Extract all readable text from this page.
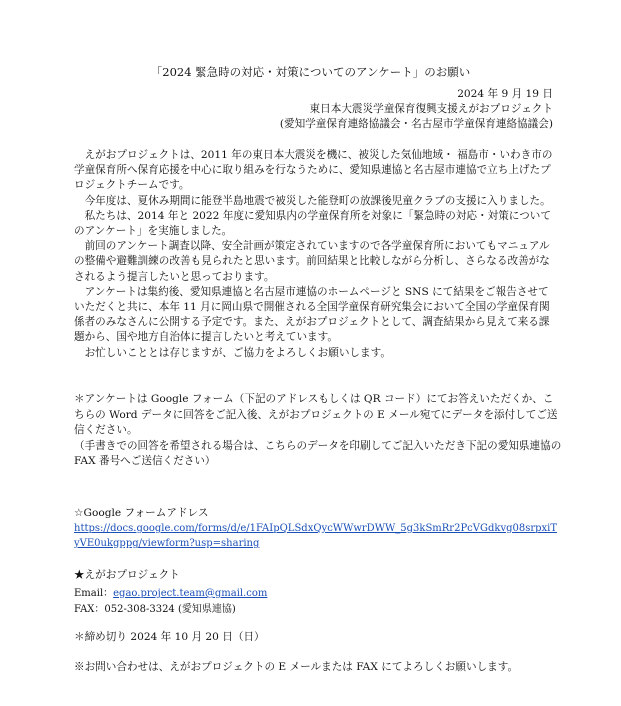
「2024 緊急時の対応・対策についてのアンケート」のお願い
2024 年 9 月 19 日
東日本大震災学童保育復興支援えがおプロジェクト
(愛知学童保育連絡協議会・名古屋市学童保育連絡協議会)

えがおプロジェクトは、2011 年の東日本大震災を機に、被災した気仙地域・ 福島市・いわき市の学童保育所へ保育応援を中心に取り組みを行なうために、愛知県連協と名古屋市連協で立ち上げたプロジェクトチームです。

今年度は、夏休み期間に能登半島地震で被災した能登町の放課後児童クラブの支援に入りました。

私たちは、2014 年と 2022 年度に愛知県内の学童保育所を対象に「緊急時の対応・対策についてのアンケート」を実施しました。

前回のアンケート調査以降、安全計画が策定されていますので各学童保育所においてもマニュアルの整備や避難訓練の改善も見られたと思います。前回結果と比較しながら分析し、さらなる改善がなされるよう提言したいと思っております。

アンケートは集約後、愛知県連協と名古屋市連協のホームページと SNS にて結果をご報告させていただくと共に、本年 11 月に岡山県で開催される全国学童保育研究集会において全国の学童保育関係者のみなさんに公開する予定です。また、えがおプロジェクトとして、調査結果から見えて来る課題から、国や地方自治体に提言したいと考えています。

お忙しいこととは存じますが、ご協力をよろしくお願いします。

＊アンケートは Google フォーム（下記のアドレスもしくは QR コード）にてお答えいただくか、こちらの Word データに回答をご記入後、えがおプロジェクトの E メール宛てにデータを添付してご送信ください。

（手書きでの回答を希望される場合は、こちらのデータを印刷してご記入いただき下記の愛知県連協の FAX 番号へご送信ください）

☆Google フォームアドレス
https://docs.google.com/forms/d/e/1FAIpQLSdxQycWWwrDWW_5g3kSmRr2PcVGdkvg08srpxiTyVE0ukgppg/viewform?usp=sharing
★えがおプロジェクト
Email：egao.project.team@gmail.com
FAX：052-308-3324 (愛知県連協)
＊締め切り 2024 年 10 月 20 日（日）
※お問い合わせは、えがおプロジェクトの E メールまたは FAX にてよろしくお願いします。
